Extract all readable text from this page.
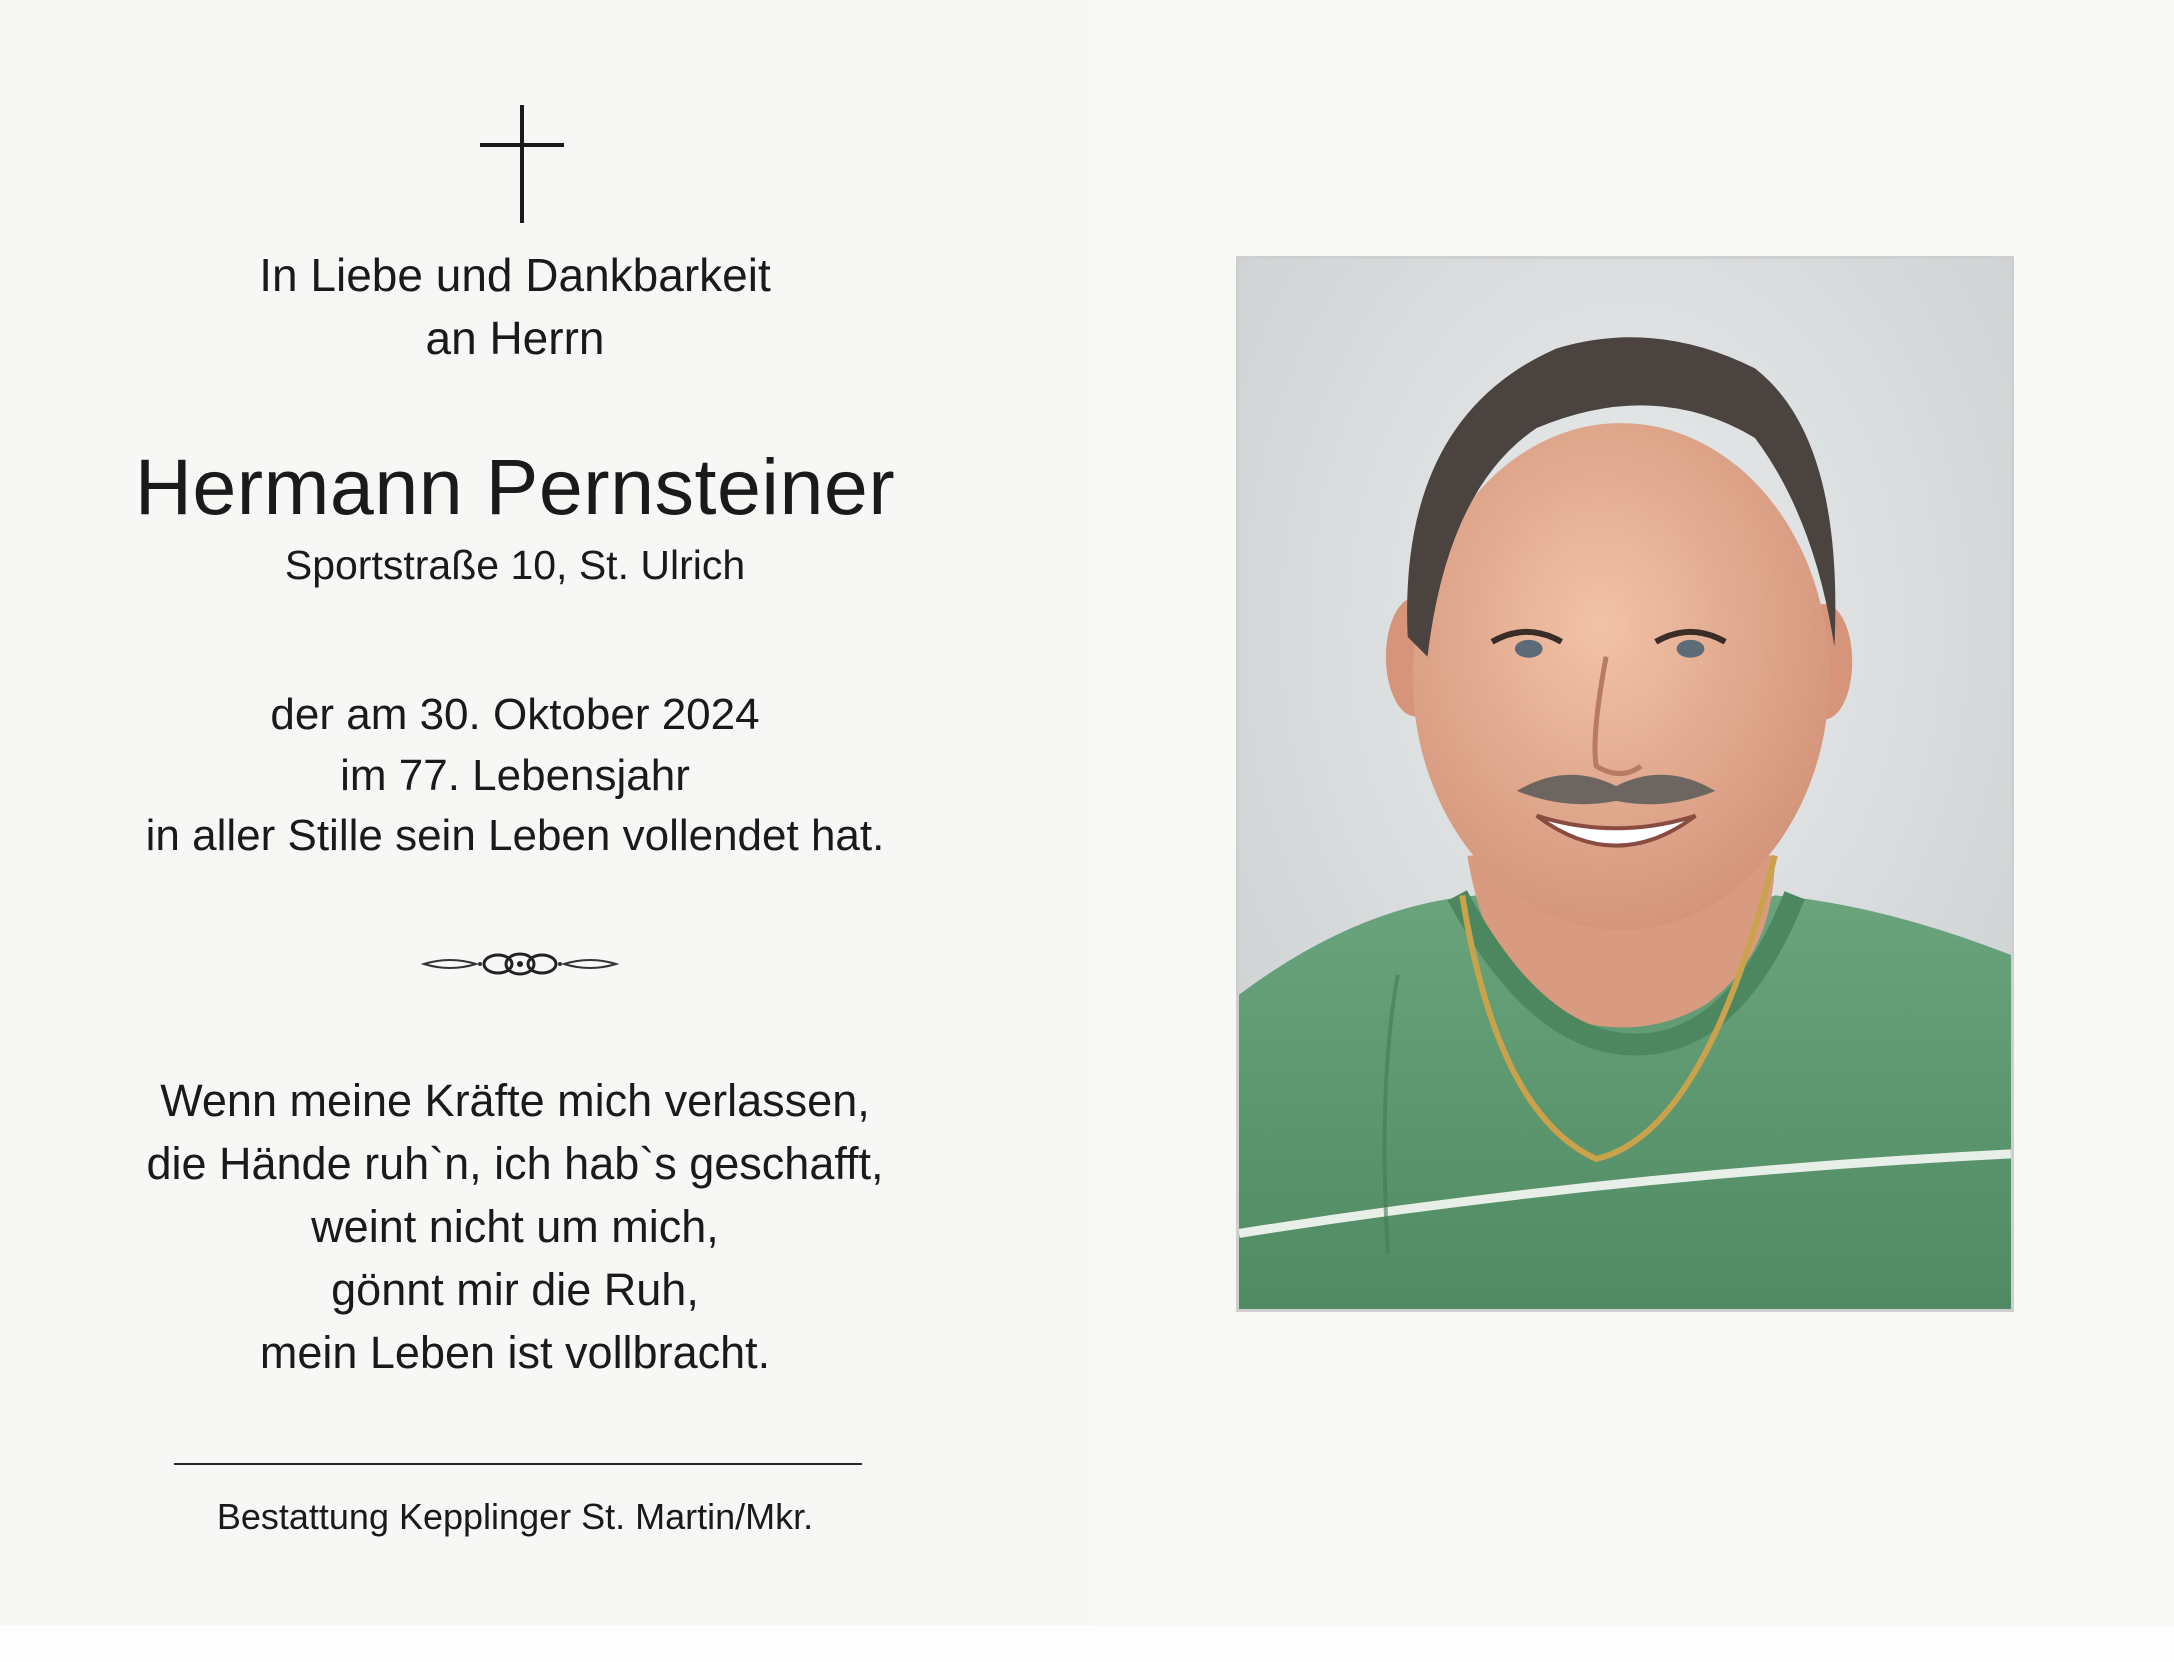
In Liebe und Dankbarkeit
an Herrn
Hermann Pernsteiner
Sportstraße 10, St. Ulrich
der am 30. Oktober 2024
im 77. Lebensjahr
in aller Stille sein Leben vollendet hat.
Wenn meine Kräfte mich verlassen,
die Hände ruh`n, ich hab`s geschafft,
weint nicht um mich,
gönnt mir die Ruh,
mein Leben ist vollbracht.
Bestattung Kepplinger St. Martin/Mkr.
